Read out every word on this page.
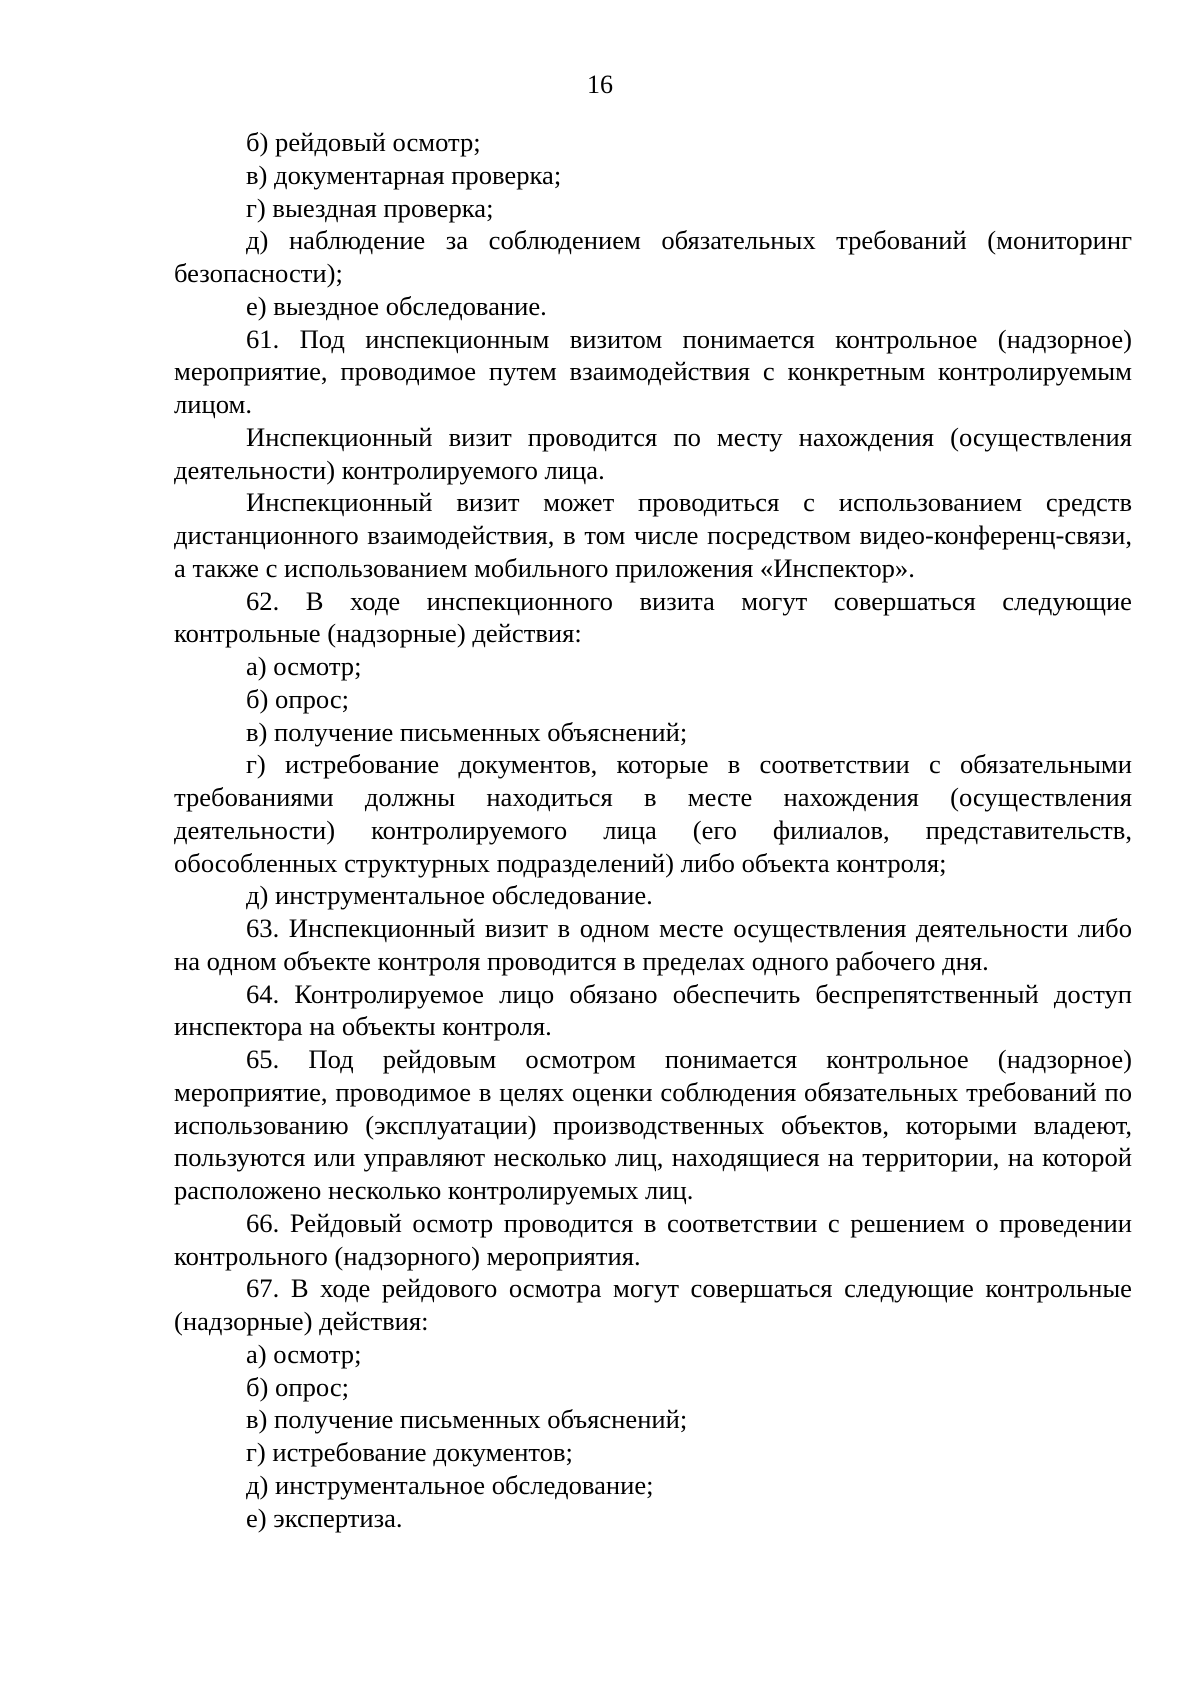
16

б) рейдовый осмотр;

в) документарная проверка;

г) выездная проверка;

д) наблюдение за соблюдением обязательных требований (мониторинг безопасности);

е) выездное обследование.

61. Под инспекционным визитом понимается контрольное (надзорное) мероприятие, проводимое путем взаимодействия с конкретным контролируемым лицом.

Инспекционный визит проводится по месту нахождения (осуществления деятельности) контролируемого лица.

Инспекционный визит может проводиться с использованием средств дистанционного взаимодействия, в том числе посредством видео-конференц-связи, а также с использованием мобильного приложения «Инспектор».

62. В ходе инспекционного визита могут совершаться следующие контрольные (надзорные) действия:

а) осмотр;

б) опрос;

в) получение письменных объяснений;

г) истребование документов, которые в соответствии с обязательными требованиями должны находиться в месте нахождения (осуществления деятельности) контролируемого лица (его филиалов, представительств, обособленных структурных подразделений) либо объекта контроля;

д) инструментальное обследование.

63. Инспекционный визит в одном месте осуществления деятельности либо на одном объекте контроля проводится в пределах одного рабочего дня.

64. Контролируемое лицо обязано обеспечить беспрепятственный доступ инспектора на объекты контроля.

65. Под рейдовым осмотром понимается контрольное (надзорное) мероприятие, проводимое в целях оценки соблюдения обязательных требований по использованию (эксплуатации) производственных объектов, которыми владеют, пользуются или управляют несколько лиц, находящиеся на территории, на которой расположено несколько контролируемых лиц.

66. Рейдовый осмотр проводится в соответствии с решением о проведении контрольного (надзорного) мероприятия.

67. В ходе рейдового осмотра могут совершаться следующие контрольные (надзорные) действия:

а) осмотр;

б) опрос;

в) получение письменных объяснений;

г) истребование документов;

д) инструментальное обследование;

е) экспертиза.
